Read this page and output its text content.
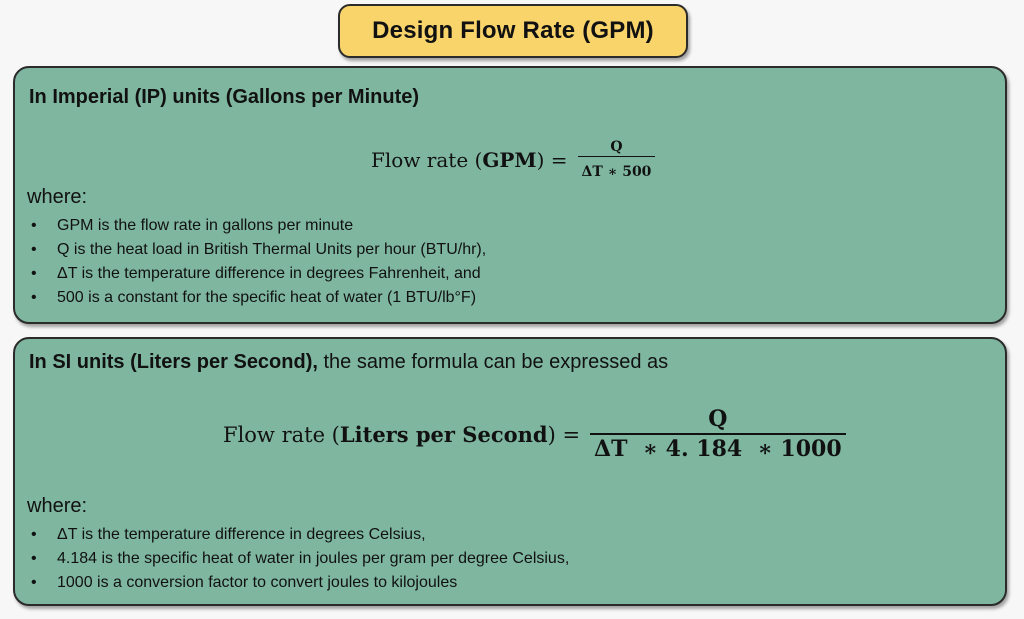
Design Flow Rate (GPM)
In Imperial (IP) units (Gallons per Minute)
Flow rate $(GPM) = \frac{Q}{\Delta T ∗ 500}$
where:
• GPM is the flow rate in gallons per minute
• Q is the heat load in British Thermal Units per hour (BTU/hr),
• ΔT is the temperature difference in degrees Fahrenheit, and
• 500 is a constant for the specific heat of water (1 BTU/lb°F)
In SI units (Liters per Second), the same formula can be expressed as
Flow rate (Liters per Second) = $\frac{Q}{\Delta T ∗ 4. 184 ∗ 1000}$
where:
• ΔT is the temperature difference in degrees Celsius,
• 4.184 is the specific heat of water in joules per gram per degree Celsius,
• 1000 is a conversion factor to convert joules to kilojoules
